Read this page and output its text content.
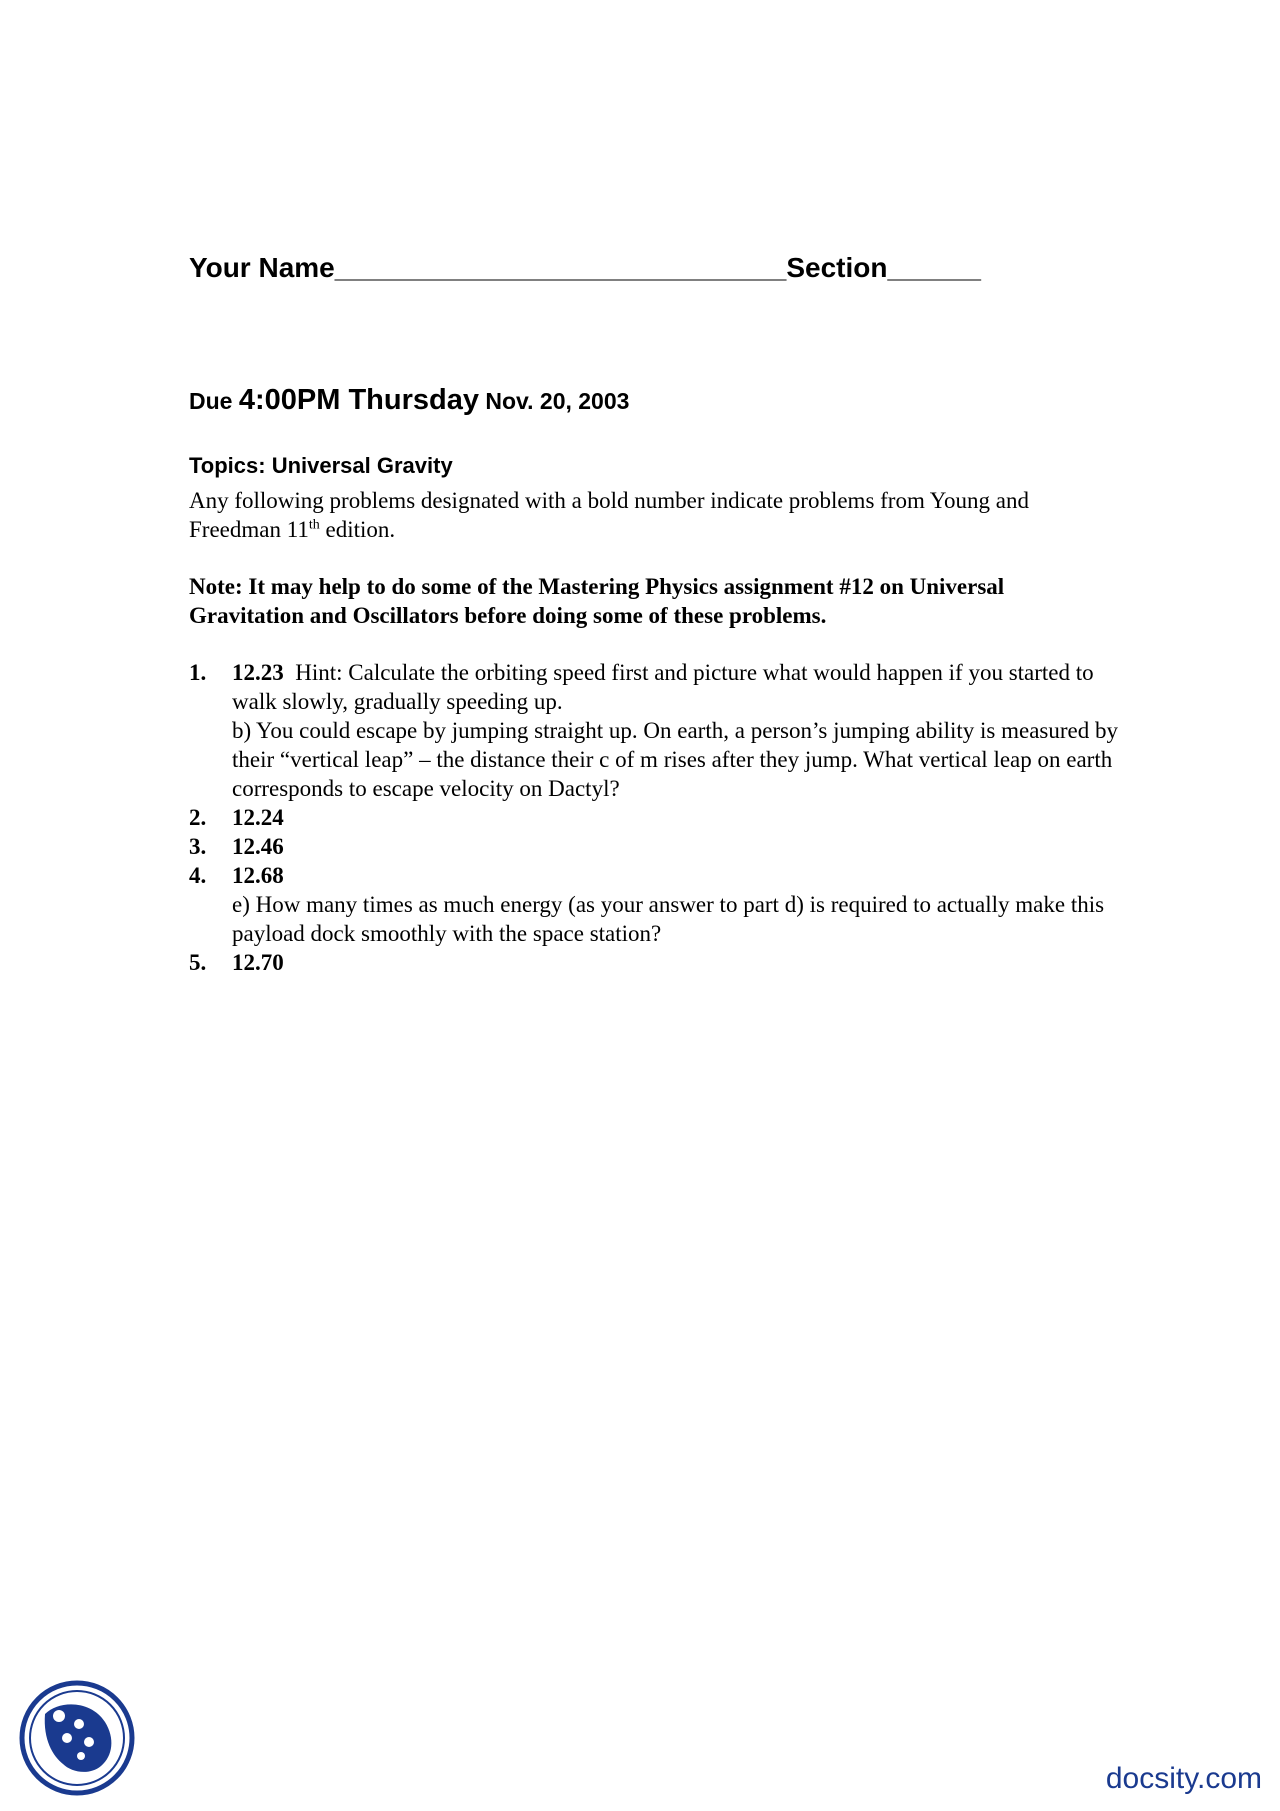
Your Name_____________________________Section______
Due 4:00PM Thursday Nov. 20, 2003
Topics: Universal Gravity
Any following problems designated with a bold number indicate problems from Young and Freedman 11th edition.
Note: It may help to do some of the Mastering Physics assignment #12 on Universal Gravitation and Oscillators before doing some of these problems.
1. 12.23  Hint: Calculate the orbiting speed first and picture what would happen if you started to walk slowly, gradually speeding up.
b) You could escape by jumping straight up. On earth, a person’s jumping ability is measured by their “vertical leap” – the distance their c of m rises after they jump. What vertical leap on earth corresponds to escape velocity on Dactyl?
2. 12.24
3. 12.46
4. 12.68
e) How many times as much energy (as your answer to part d) is required to actually make this payload dock smoothly with the space station?
5. 12.70
docsity.com
